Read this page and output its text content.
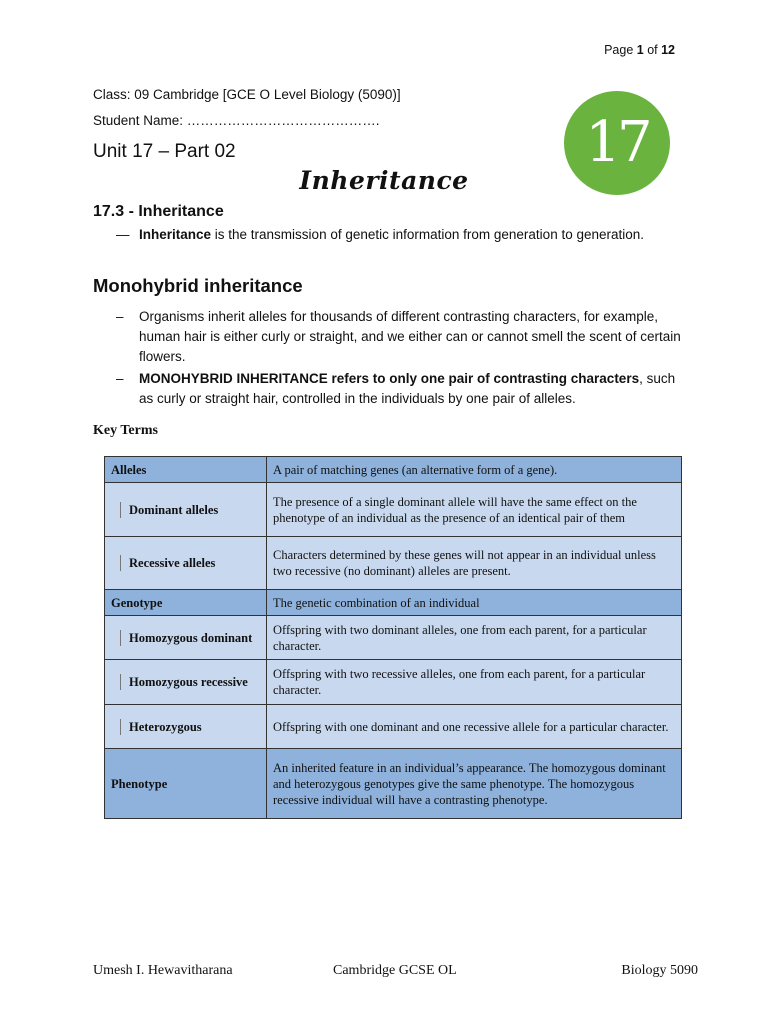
Page 1 of 12
Class: 09 Cambridge [GCE O Level Biology (5090)]
Student Name: …………………………………….
Unit 17 – Part 02
Inheritance
17
17.3 - Inheritance
— Inheritance is the transmission of genetic information from generation to generation.
Monohybrid inheritance
– Organisms inherit alleles for thousands of different contrasting characters, for example, human hair is either curly or straight, and we either can or cannot smell the scent of certain flowers.
– MONOHYBRID INHERITANCE refers to only one pair of contrasting characters, such as curly or straight hair, controlled in the individuals by one pair of alleles.
Key Terms
Alleles	A pair of matching genes (an alternative form of a gene).

Dominant alleles	The presence of a single dominant allele will have the same effect on the phenotype of an individual as the presence of an identical pair of them

Recessive alleles	Characters determined by these genes will not appear in an individual unless two recessive (no dominant) alleles are present.
Genotype	The genetic combination of an individual

Homozygous dominant	Offspring with two dominant alleles, one from each parent, for a particular character.

Homozygous recessive	Offspring with two recessive alleles, one from each parent, for a particular character.

Heterozygous	Offspring with one dominant and one recessive allele for a particular character.
Phenotype	An inherited feature in an individual’s appearance. The homozygous dominant and heterozygous genotypes give the same phenotype. The homozygous recessive individual will have a contrasting phenotype.
Umesh I. Hewavitharana	Cambridge GCSE OL	Biology 5090
